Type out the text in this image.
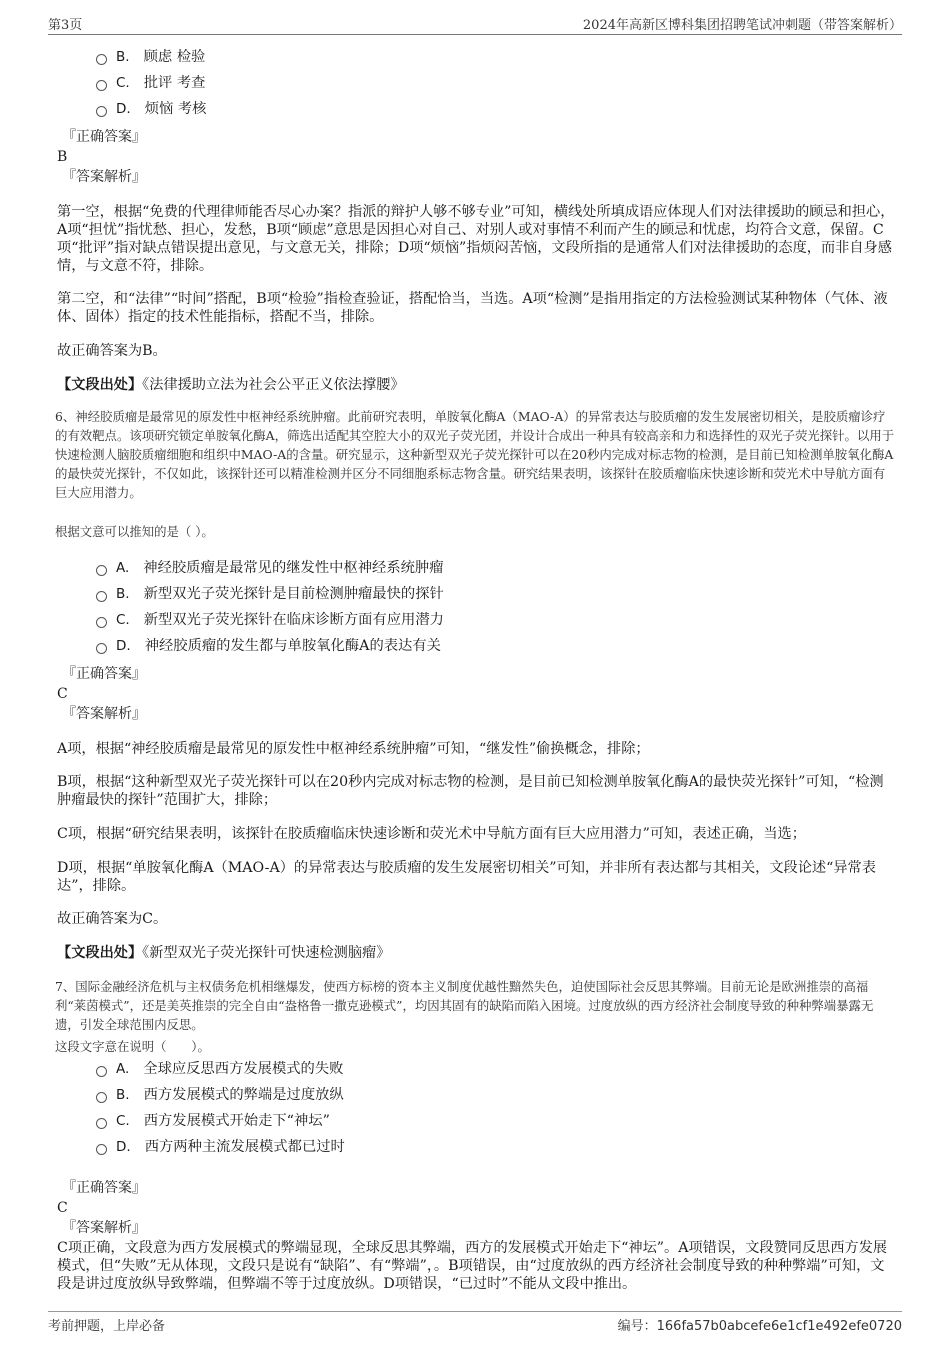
第3页	2024年高新区博科集团招聘笔试冲刺题（带答案解析）
B. 顾虑 检验
C. 批评 考查
D. 烦恼 考核
『正确答案』
B
『答案解析』

第一空，根据“免费的代理律师能否尽心办案？指派的辩护人够不够专业”可知，横线处所填成语应体现人们对法律援助的顾忌和担心，A项“担忧”指忧愁、担心，发愁，B项“顾虑”意思是因担心对自己、对别人或对事情不利而产生的顾忌和忧虑，均符合文意，保留。C项“批评”指对缺点错误提出意见，与文意无关，排除；D项“烦恼”指烦闷苦恼，文段所指的是通常人们对法律援助的态度，而非自身感情，与文意不符，排除。

第二空，和“法律”“时间”搭配，B项“检验”指检查验证，搭配恰当，当选。A项“检测”是指用指定的方法检验测试某种物体（气体、液体、固体）指定的技术性能指标，搭配不当，排除。

故正确答案为B。

【文段出处】《法律援助立法为社会公平正义依法撑腰》

6、神经胶质瘤是最常见的原发性中枢神经系统肿瘤。此前研究表明，单胺氧化酶A（MAO-A）的异常表达与胶质瘤的发生发展密切相关，是胶质瘤诊疗的有效靶点。该项研究锁定单胺氧化酶A，筛选出适配其空腔大小的双光子荧光团，并设计合成出一种具有较高亲和力和选择性的双光子荧光探针。以用于快速检测人脑胶质瘤细胞和组织中MAO-A的含量。研究显示，这种新型双光子荧光探针可以在20秒内完成对标志物的检测，是目前已知检测单胺氧化酶A的最快荧光探针，不仅如此，该探针还可以精准检测并区分不同细胞系标志物含量。研究结果表明，该探针在胶质瘤临床快速诊断和荧光术中导航方面有巨大应用潜力。

根据文意可以推知的是（ ）。

A. 神经胶质瘤是最常见的继发性中枢神经系统肿瘤
B. 新型双光子荧光探针是目前检测肿瘤最快的探针
C. 新型双光子荧光探针在临床诊断方面有应用潜力
D. 神经胶质瘤的发生都与单胺氧化酶A的表达有关
『正确答案』
C
『答案解析』

A项，根据“神经胶质瘤是最常见的原发性中枢神经系统肿瘤”可知，“继发性”偷换概念，排除；

B项，根据“这种新型双光子荧光探针可以在20秒内完成对标志物的检测，是目前已知检测单胺氧化酶A的最快荧光探针”可知，“检测肿瘤最快的探针”范围扩大，排除；

C项，根据“研究结果表明，该探针在胶质瘤临床快速诊断和荧光术中导航方面有巨大应用潜力”可知，表述正确，当选；

D项，根据“单胺氧化酶A（MAO-A）的异常表达与胶质瘤的发生发展密切相关”可知，并非所有表达都与其相关，文段论述“异常表达”，排除。

故正确答案为C。

【文段出处】《新型双光子荧光探针可快速检测脑瘤》

7、国际金融经济危机与主权债务危机相继爆发，使西方标榜的资本主义制度优越性黯然失色，迫使国际社会反思其弊端。目前无论是欧洲推崇的高福利“莱茵模式”，还是美英推崇的完全自由“盎格鲁一撒克逊模式”，均因其固有的缺陷而陷入困境。过度放纵的西方经济社会制度导致的种种弊端暴露无遗，引发全球范围内反思。

这段文字意在说明（　　）。

A. 全球应反思西方发展模式的失败
B. 西方发展模式的弊端是过度放纵
C. 西方发展模式开始走下“神坛”
D. 西方两种主流发展模式都已过时
『正确答案』
C
『答案解析』

C项正确，文段意为西方发展模式的弊端显现，全球反思其弊端，西方的发展模式开始走下“神坛”。A项错误，文段赞同反思西方发展模式，但“失败”无从体现，文段只是说有“缺陷”、有“弊端”，。B项错误，由“过度放纵的西方经济社会制度导致的种种弊端”可知，文段是讲过度放纵导致弊端，但弊端不等于过度放纵。D项错误，“已过时”不能从文段中推出。

考前押题，上岸必备	编号：166fa57b0abcefe6e1cf1e492efe0720
